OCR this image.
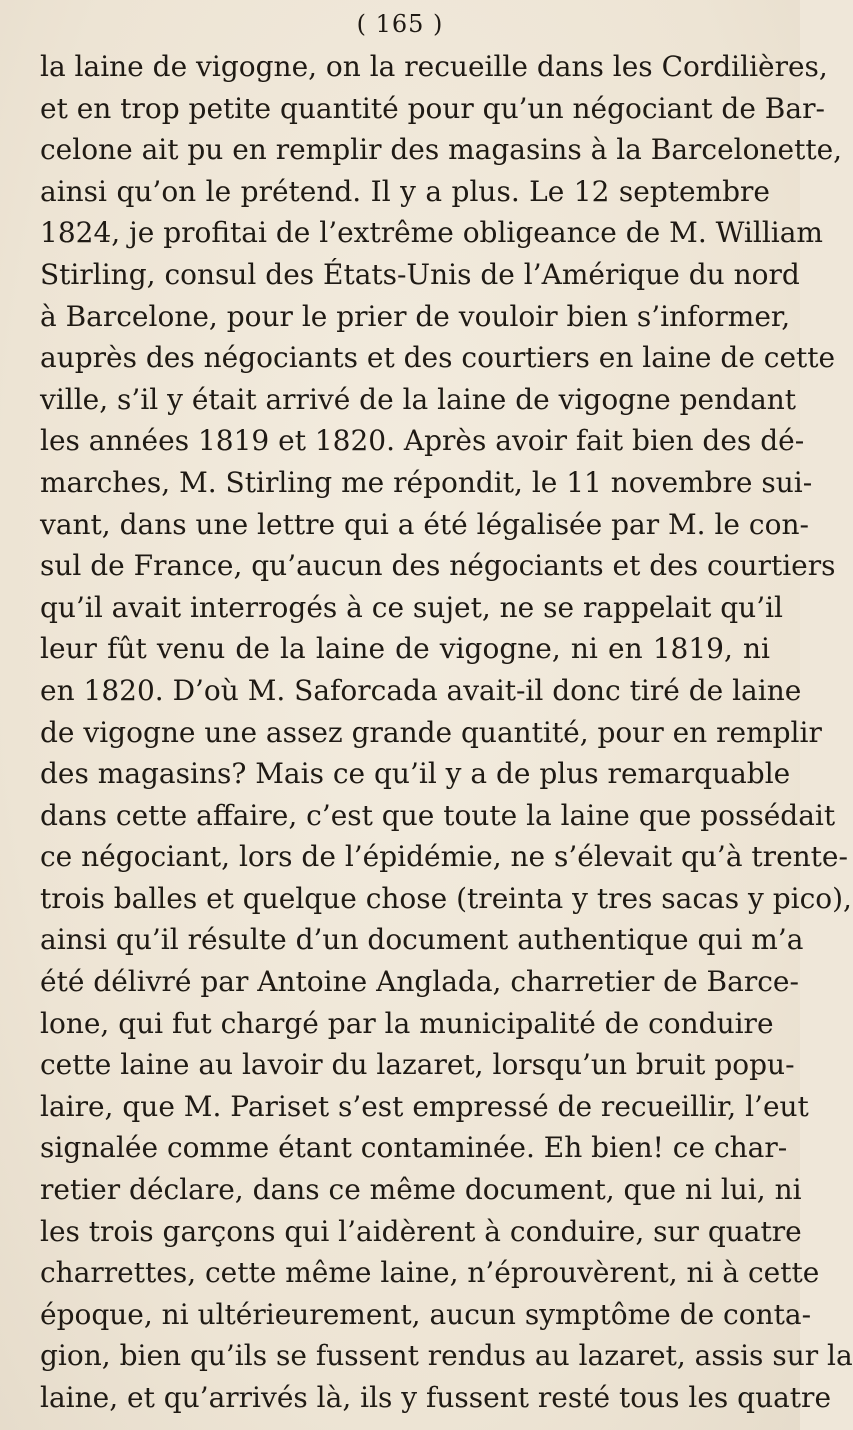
( 165 )
la laine de vigogne, on la recueille dans les Cordilières,
et en trop petite quantité pour qu’un négociant de Bar-
celone ait pu en remplir des magasins à la Barcelonette,
ainsi qu’on le prétend. Il y a plus. Le 12 septembre
1824, je profitai de l’extrême obligeance de M. William
Stirling, consul des États-Unis de l’Amérique du nord
à Barcelone, pour le prier de vouloir bien s’informer,
auprès des négociants et des courtiers en laine de cette
ville, s’il y était arrivé de la laine de vigogne pendant
les années 1819 et 1820. Après avoir fait bien des dé-
marches, M. Stirling me répondit, le 11 novembre sui-
vant, dans une lettre qui a été légalisée par M. le con-
sul de France, qu’aucun des négociants et des courtiers
qu’il avait interrogés à ce sujet, ne se rappelait qu’il
leur fût venu de la laine de vigogne, ni en 1819, ni
en 1820. D’où M. Saforcada avait-il donc tiré de laine
de vigogne une assez grande quantité, pour en remplir
des magasins? Mais ce qu’il y a de plus remarquable
dans cette affaire, c’est que toute la laine que possédait
ce négociant, lors de l’épidémie, ne s’élevait qu’à trente-
trois balles et quelque chose (treinta y tres sacas y pico),
ainsi qu’il résulte d’un document authentique qui m’a
été délivré par Antoine Anglada, charretier de Barce-
lone, qui fut chargé par la municipalité de conduire
cette laine au lavoir du lazaret, lorsqu’un bruit popu-
laire, que M. Pariset s’est empressé de recueillir, l’eut
signalée comme étant contaminée. Eh bien! ce char-
retier déclare, dans ce même document, que ni lui, ni
les trois garçons qui l’aidèrent à conduire, sur quatre
charrettes, cette même laine, n’éprouvèrent, ni à cette
époque, ni ultérieurement, aucun symptôme de conta-
gion, bien qu’ils se fussent rendus au lazaret, assis sur la
laine, et qu’arrivés là, ils y fussent resté tous les quatre
